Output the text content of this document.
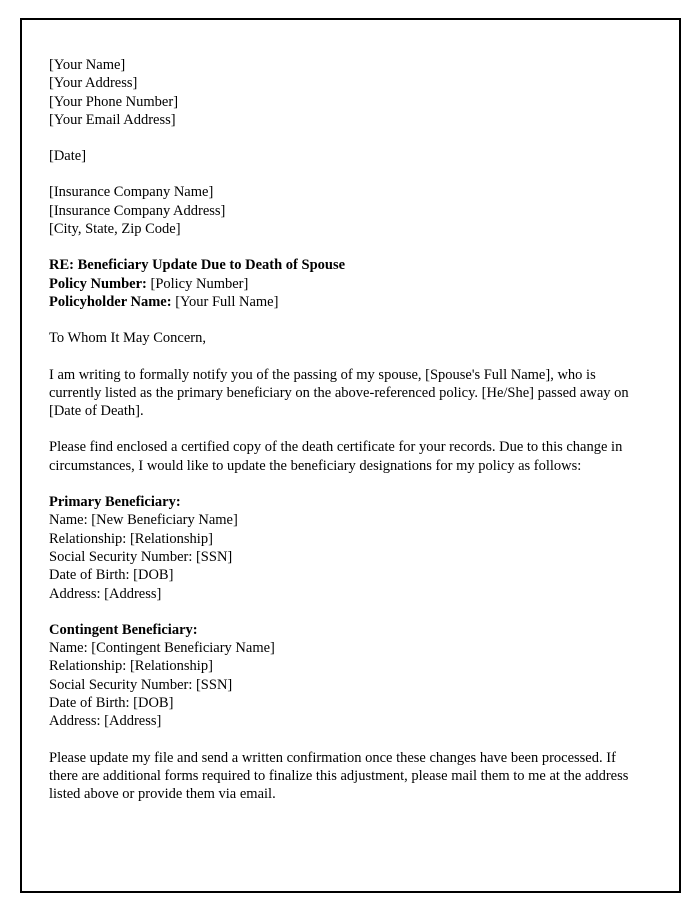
[Your Name]
[Your Address]
[Your Phone Number]
[Your Email Address]
[Date]
[Insurance Company Name]
[Insurance Company Address]
[City, State, Zip Code]
RE: Beneficiary Update Due to Death of Spouse
Policy Number: [Policy Number]
Policyholder Name: [Your Full Name]
To Whom It May Concern,
I am writing to formally notify you of the passing of my spouse, [Spouse's Full Name], who is currently listed as the primary beneficiary on the above-referenced policy. [He/She] passed away on [Date of Death].
Please find enclosed a certified copy of the death certificate for your records. Due to this change in circumstances, I would like to update the beneficiary designations for my policy as follows:
Primary Beneficiary:
Name: [New Beneficiary Name]
Relationship: [Relationship]
Social Security Number: [SSN]
Date of Birth: [DOB]
Address: [Address]
Contingent Beneficiary:
Name: [Contingent Beneficiary Name]
Relationship: [Relationship]
Social Security Number: [SSN]
Date of Birth: [DOB]
Address: [Address]
Please update my file and send a written confirmation once these changes have been processed. If there are additional forms required to finalize this adjustment, please mail them to me at the address listed above or provide them via email.
